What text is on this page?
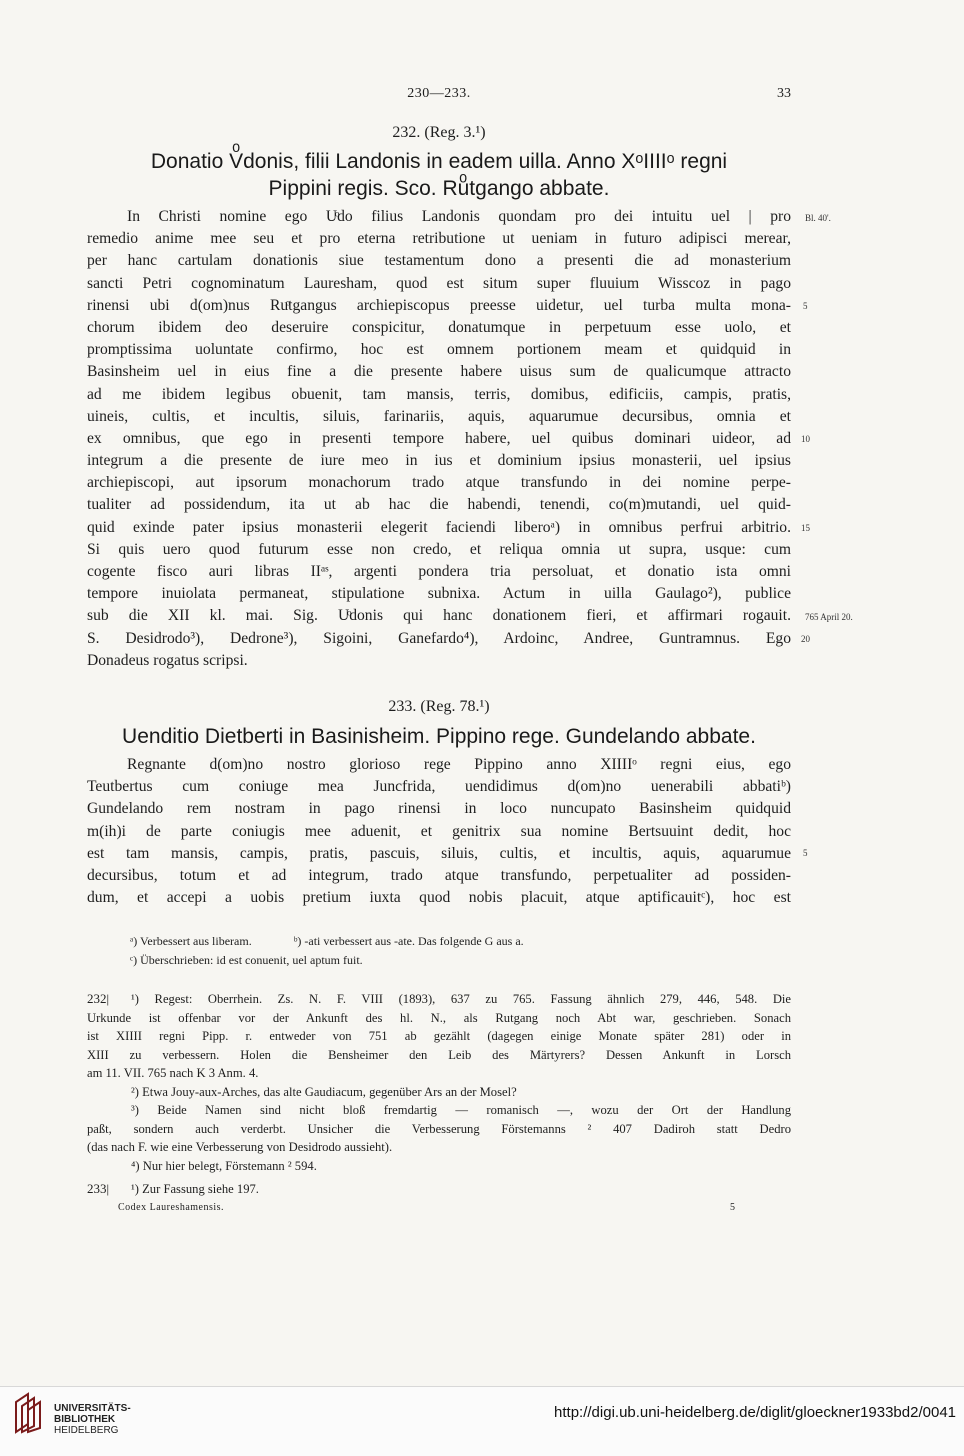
230—233.	33
232. (Reg. 3.¹)
Donatio Vͦdonis, filii Landonis in eadem uilla. Anno XᵒIIIIᵒ regni
Pippini regis. Sco. Ruͦtgango abbate.
In Christi nomine ego Uͦdo filius Landonis quondam pro dei intuitu uel | pro
remedio anime mee seu et pro eterna retributione ut ueniam in futuro adipisci merear,
per hanc cartulam donationis siue testamentum dono a presenti die ad monasterium
sancti Petri cognominatum Lauresham, quod est situm super fluuium Wisscoz in pago
rinensi ubi d(om)nus Ruͦtgangus archiepiscopus preesse uidetur, uel turba multa mona-
chorum ibidem deo deseruire conspicitur, donatumque in perpetuum esse uolo, et
promptissima uoluntate confirmo, hoc est omnem portionem meam et quidquid in
Basinsheim uel in eius fine a die presente habere uisus sum de qualicumque attracto
ad me ibidem legibus obuenit, tam mansis, terris, domibus, edificiis, campis, pratis,
uineis, cultis, et incultis, siluis, farinariis, aquis, aquarumue decursibus, omnia et
ex omnibus, que ego in presenti tempore habere, uel quibus dominari uideor, ad
integrum a die presente de iure meo in ius et dominium ipsius monasterii, uel ipsius
archiepiscopi, aut ipsorum monachorum trado atque transfundo in dei nomine perpe-
tualiter ad possidendum, ita ut ab hac die habendi, tenendi, co(m)mutandi, uel quid-
quid exinde pater ipsius monasterii elegerit faciendi liberoᵃ) in omnibus perfrui arbitrio.
Si quis uero quod futurum esse non credo, et reliqua omnia ut supra, usque: cum
cogente fisco auri libras IIᵃˢ, argenti pondera tria persoluat, et donatio ista omni
tempore inuiolata permaneat, stipulatione subnixa. Actum in uilla Gaulago²), publice
sub die XII kl. mai. Sig. Uͦdonis qui hanc donationem fieri, et affirmari rogauit.
S. Desidrodo³), Dedrone³), Sigoini, Ganefardo⁴), Ardoinc, Andree, Guntramnus. Ego
Donadeus rogatus scripsi.
Bl. 40'.
5
10
15
765 April 20.
20
233. (Reg. 78.¹)
Uenditio Dietberti in Basinisheim. Pippino rege. Gundelando abbate.
Regnante d(om)no nostro glorioso rege Pippino anno XIIIIᵒ regni eius, ego
Teutbertus cum coniuge mea Juncfrida, uendidimus d(om)no uenerabili abbatiᵇ)
Gundelando rem nostram in pago rinensi in loco nuncupato Basinsheim quidquid
m(ih)i de parte coniugis mee aduenit, et genitrix sua nomine Bertsuuint dedit, hoc
est tam mansis, campis, pratis, pascuis, siluis, cultis, et incultis, aquis, aquarumue
decursibus, totum et ad integrum, trado atque transfundo, perpetualiter ad possiden-
dum, et accepi a uobis pretium iuxta quod nobis placuit, atque aptificauitᶜ), hoc est
5
ᵃ) Verbessert aus liberam.	ᵇ) -ati verbessert aus -ate. Das folgende G aus a.
ᶜ) Überschrieben: id est conuenit, uel aptum fuit.
232| ¹) Regest: Oberrhein. Zs. N. F. VIII (1893), 637 zu 765. Fassung ähnlich 279, 446, 548. Die
Urkunde ist offenbar vor der Ankunft des hl. N., als Rutgang noch Abt war, geschrieben. Sonach
ist XIIII regni Pipp. r. entweder von 751 ab gezählt (dagegen einige Monate später 281) oder in
XIII zu verbessern. Holen die Bensheimer den Leib des Märtyrers? Dessen Ankunft in Lorsch
am 11. VII. 765 nach K 3 Anm. 4.
²) Etwa Jouy-aux-Arches, das alte Gaudiacum, gegenüber Ars an der Mosel?
³) Beide Namen sind nicht bloß fremdartig — romanisch —, wozu der Ort der Handlung
paßt, sondern auch verderbt. Unsicher die Verbesserung Förstemanns ² 407 Dadiroh statt Dedro
(das nach F. wie eine Verbesserung von Desidrodo aussieht).
⁴) Nur hier belegt, Förstemann ² 594.
233| ¹) Zur Fassung siehe 197.
Codex Laureshamensis.	5
UNIVERSITÄTS-
BIBLIOTHEK
HEIDELBERG
http://digi.ub.uni-heidelberg.de/diglit/gloeckner1933bd2/0041
